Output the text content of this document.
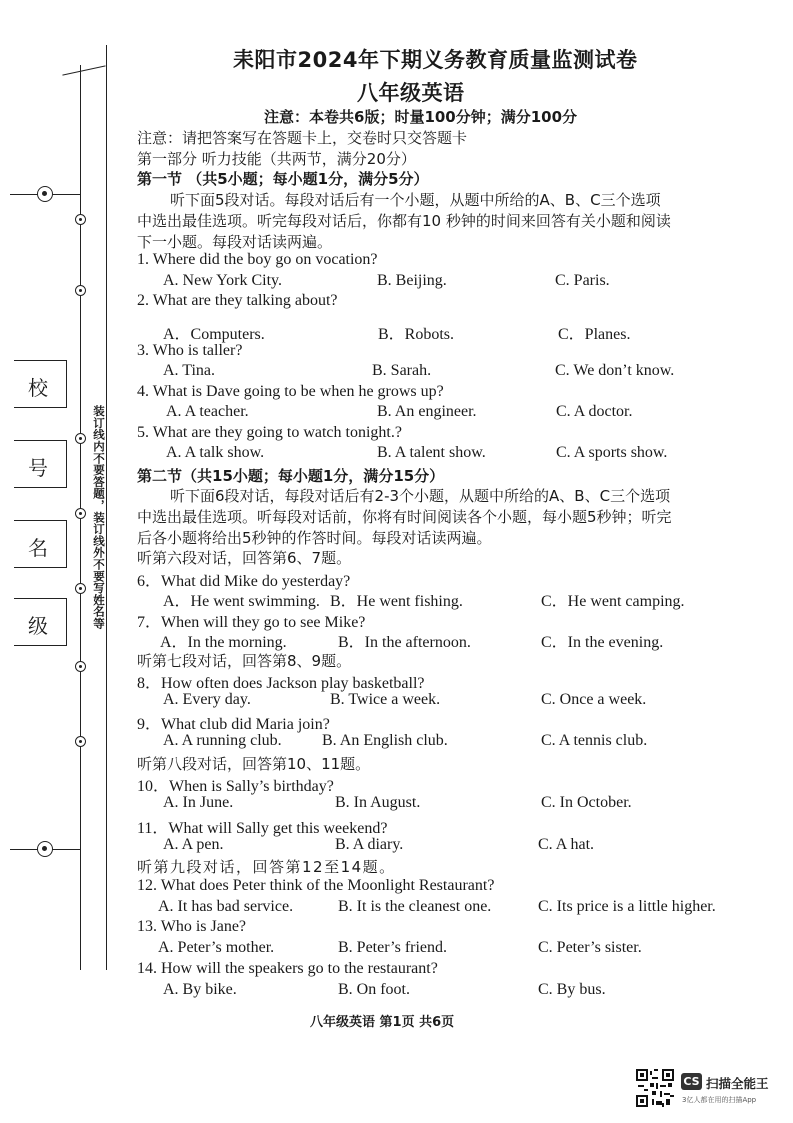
校
号
名
级	装订线内不要答题，装订线外不要写姓名等
耒阳市2024年下期义务教育质量监测试卷
八年级英语
注意：本卷共6版；时量100分钟；满分100分
注意：请把答案写在答题卡上，交卷时只交答题卡
第一部分 听力技能（共两节，满分20分）
第一节 （共5小题；每小题1分，满分5分）
听下面5段对话。每段对话后有一个小题，从题中所给的A、B、C三个选项
中选出最佳选项。听完每段对话后，你都有10 秒钟的时间来回答有关小题和阅读
下一小题。每段对话读两遍。
1. Where did the boy go on vocation?
A. New York City.	B. Beijing.	C. Paris.
2. What are they talking about?
A．Computers.	B．Robots.	C．Planes.
3. Who is taller?
A. Tina.	B. Sarah.	C. We don’t know.
4. What is Dave going to be when he grows up?
A. A teacher.	B. An engineer.	C. A doctor.
5. What are they going to watch tonight.?
A. A talk show.	B. A talent show.	C. A sports show.
第二节（共15小题；每小题1分，满分15分）
听下面6段对话，每段对话后有2-3个小题，从题中所给的A、B、C三个选项
中选出最佳选项。听每段对话前，你将有时间阅读各个小题，每小题5秒钟；听完
后各小题将给出5秒钟的作答时间。每段对话读两遍。
听第六段对话，回答第6、7题。
6．What did Mike do yesterday?
A．He went swimming. B．He went fishing.	C．He went camping.
7．When will they go to see Mike?
A．In the morning.	B．In the afternoon.	C．In the evening.
听第七段对话，回答第8、9题。
8．How often does Jackson play basketball?
A. Every day.	B. Twice a week.	C. Once a week.
9．What club did Maria join?
A. A running club.	B. An English club.	C. A tennis club.
听第八段对话，回答第10、11题。
10．When is Sally’s birthday?
A. In June.	B. In August.	C. In October.
11．What will Sally get this weekend?
A. A pen.	B. A diary.	C. A hat.
听第九段对话，回答第12至14题。
12. What does Peter think of the Moonlight Restaurant?
A. It has bad service.	B. It is the cleanest one.	C. Its price is a little higher.
13. Who is Jane?
A. Peter’s mother.	B. Peter’s friend.	C. Peter’s sister.
14. How will the speakers go to the restaurant?
A. By bike.	B. On foot.	C. By bus.
八年级英语 第1页 共6页
CS 扫描全能王
3亿人都在用的扫描App
